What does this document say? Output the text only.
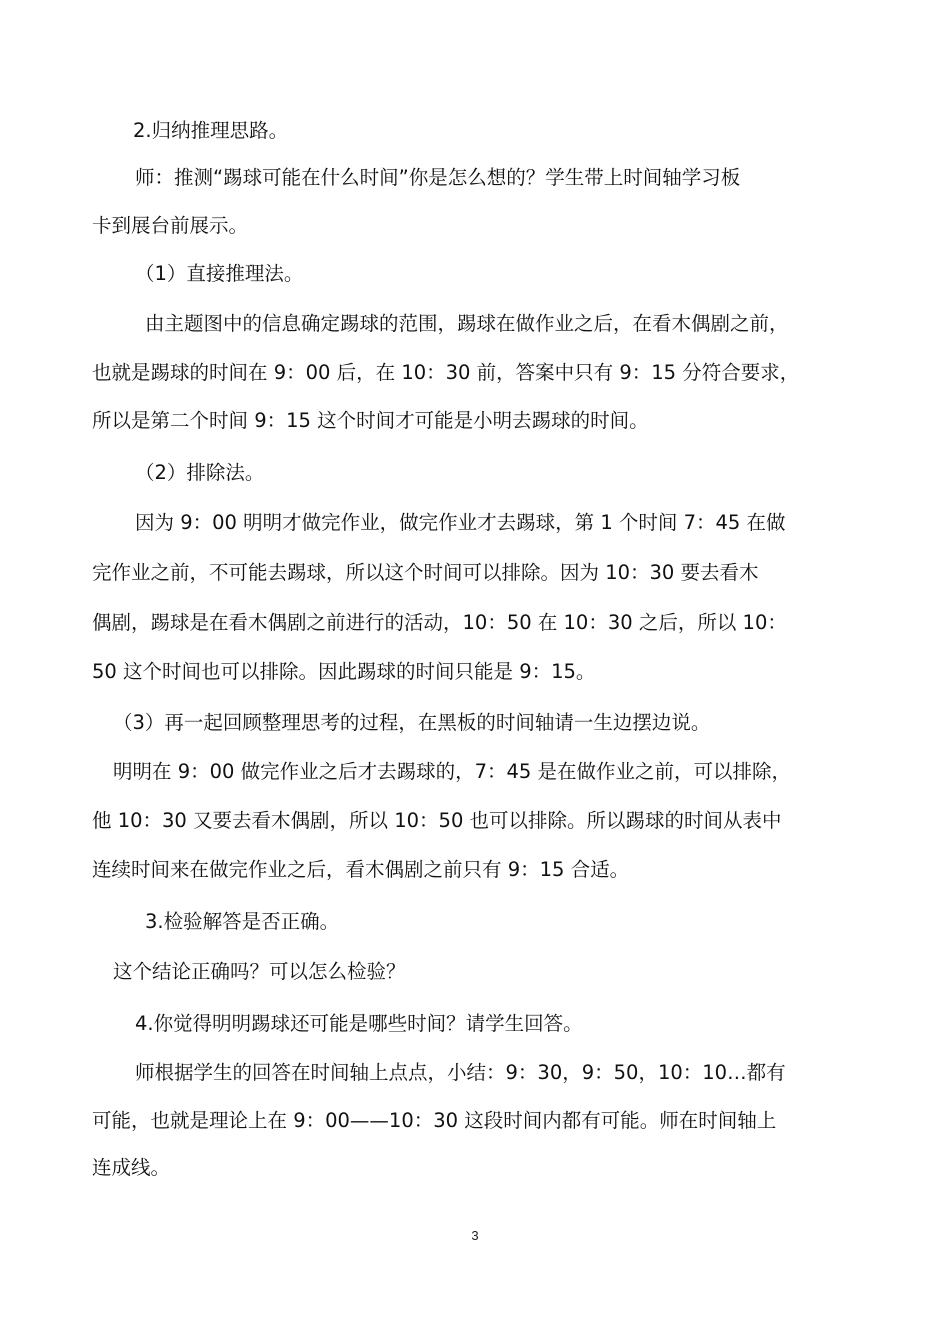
2.归纳推理思路。
师：推测“踢球可能在什么时间”你是怎么想的？学生带上时间轴学习板
卡到展台前展示。
（1）直接推理法。
由主题图中的信息确定踢球的范围，踢球在做作业之后，在看木偶剧之前，
也就是踢球的时间在 9：00 后，在 10：30 前，答案中只有 9：15 分符合要求，
所以是第二个时间 9：15 这个时间才可能是小明去踢球的时间。
（2）排除法。
因为 9：00 明明才做完作业，做完作业才去踢球，第 1 个时间 7：45 在做
完作业之前，不可能去踢球，所以这个时间可以排除。因为 10：30 要去看木
偶剧，踢球是在看木偶剧之前进行的活动，10：50 在 10：30 之后，所以 10：
50 这个时间也可以排除。因此踢球的时间只能是 9：15。
（3）再一起回顾整理思考的过程，在黑板的时间轴请一生边摆边说。
明明在 9：00 做完作业之后才去踢球的，7：45 是在做作业之前，可以排除，
他 10：30 又要去看木偶剧，所以 10：50 也可以排除。所以踢球的时间从表中
连续时间来在做完作业之后，看木偶剧之前只有 9：15 合适。
3.检验解答是否正确。
这个结论正确吗？可以怎么检验？
4.你觉得明明踢球还可能是哪些时间？请学生回答。
师根据学生的回答在时间轴上点点，小结：9：30，9：50，10：10…都有
可能，也就是理论上在 9：00——10：30 这段时间内都有可能。师在时间轴上
连成线。
3
